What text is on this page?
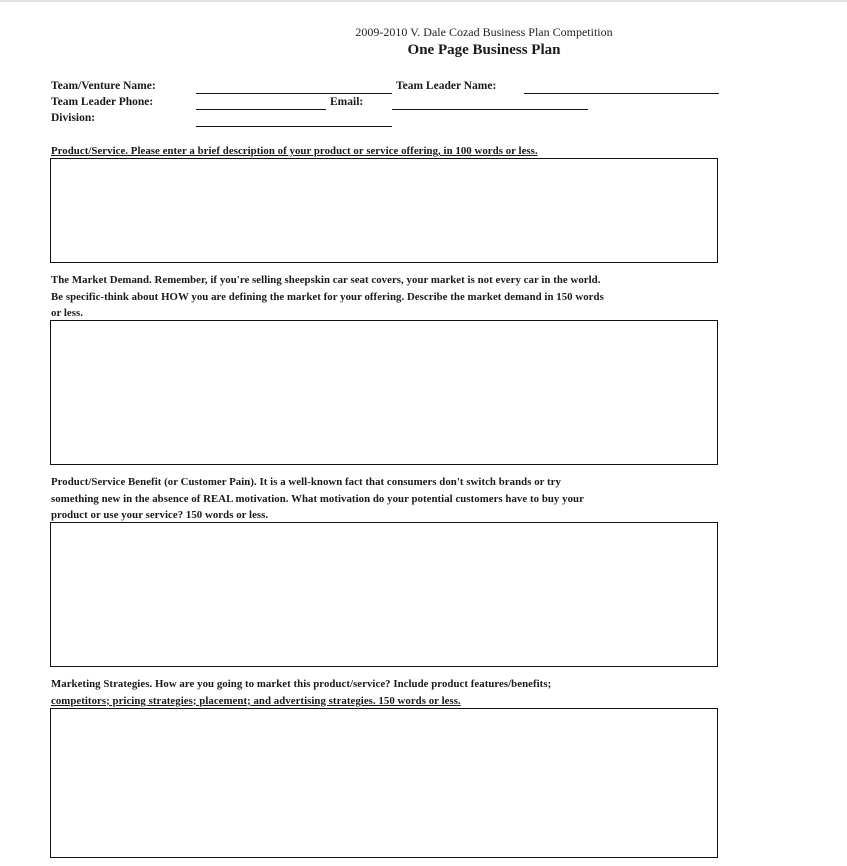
2009-2010 V. Dale Cozad Business Plan Competition
One Page Business Plan
Team/Venture Name:	Team Leader Name:
Team Leader Phone:	Email:
Division:
Product/Service. Please enter a brief description of your product or service offering, in 100 words or less.
The Market Demand. Remember, if you're selling sheepskin car seat covers, your market is not every car in the world.
Be specific-think about HOW you are defining the market for your offering. Describe the market demand in 150 words
or less.
Product/Service Benefit (or Customer Pain). It is a well-known fact that consumers don't switch brands or try
something new in the absence of REAL motivation. What motivation do your potential customers have to buy your
product or use your service? 150 words or less.
Marketing Strategies. How are you going to market this product/service? Include product features/benefits;
competitors; pricing strategies; placement; and advertising strategies. 150 words or less.
